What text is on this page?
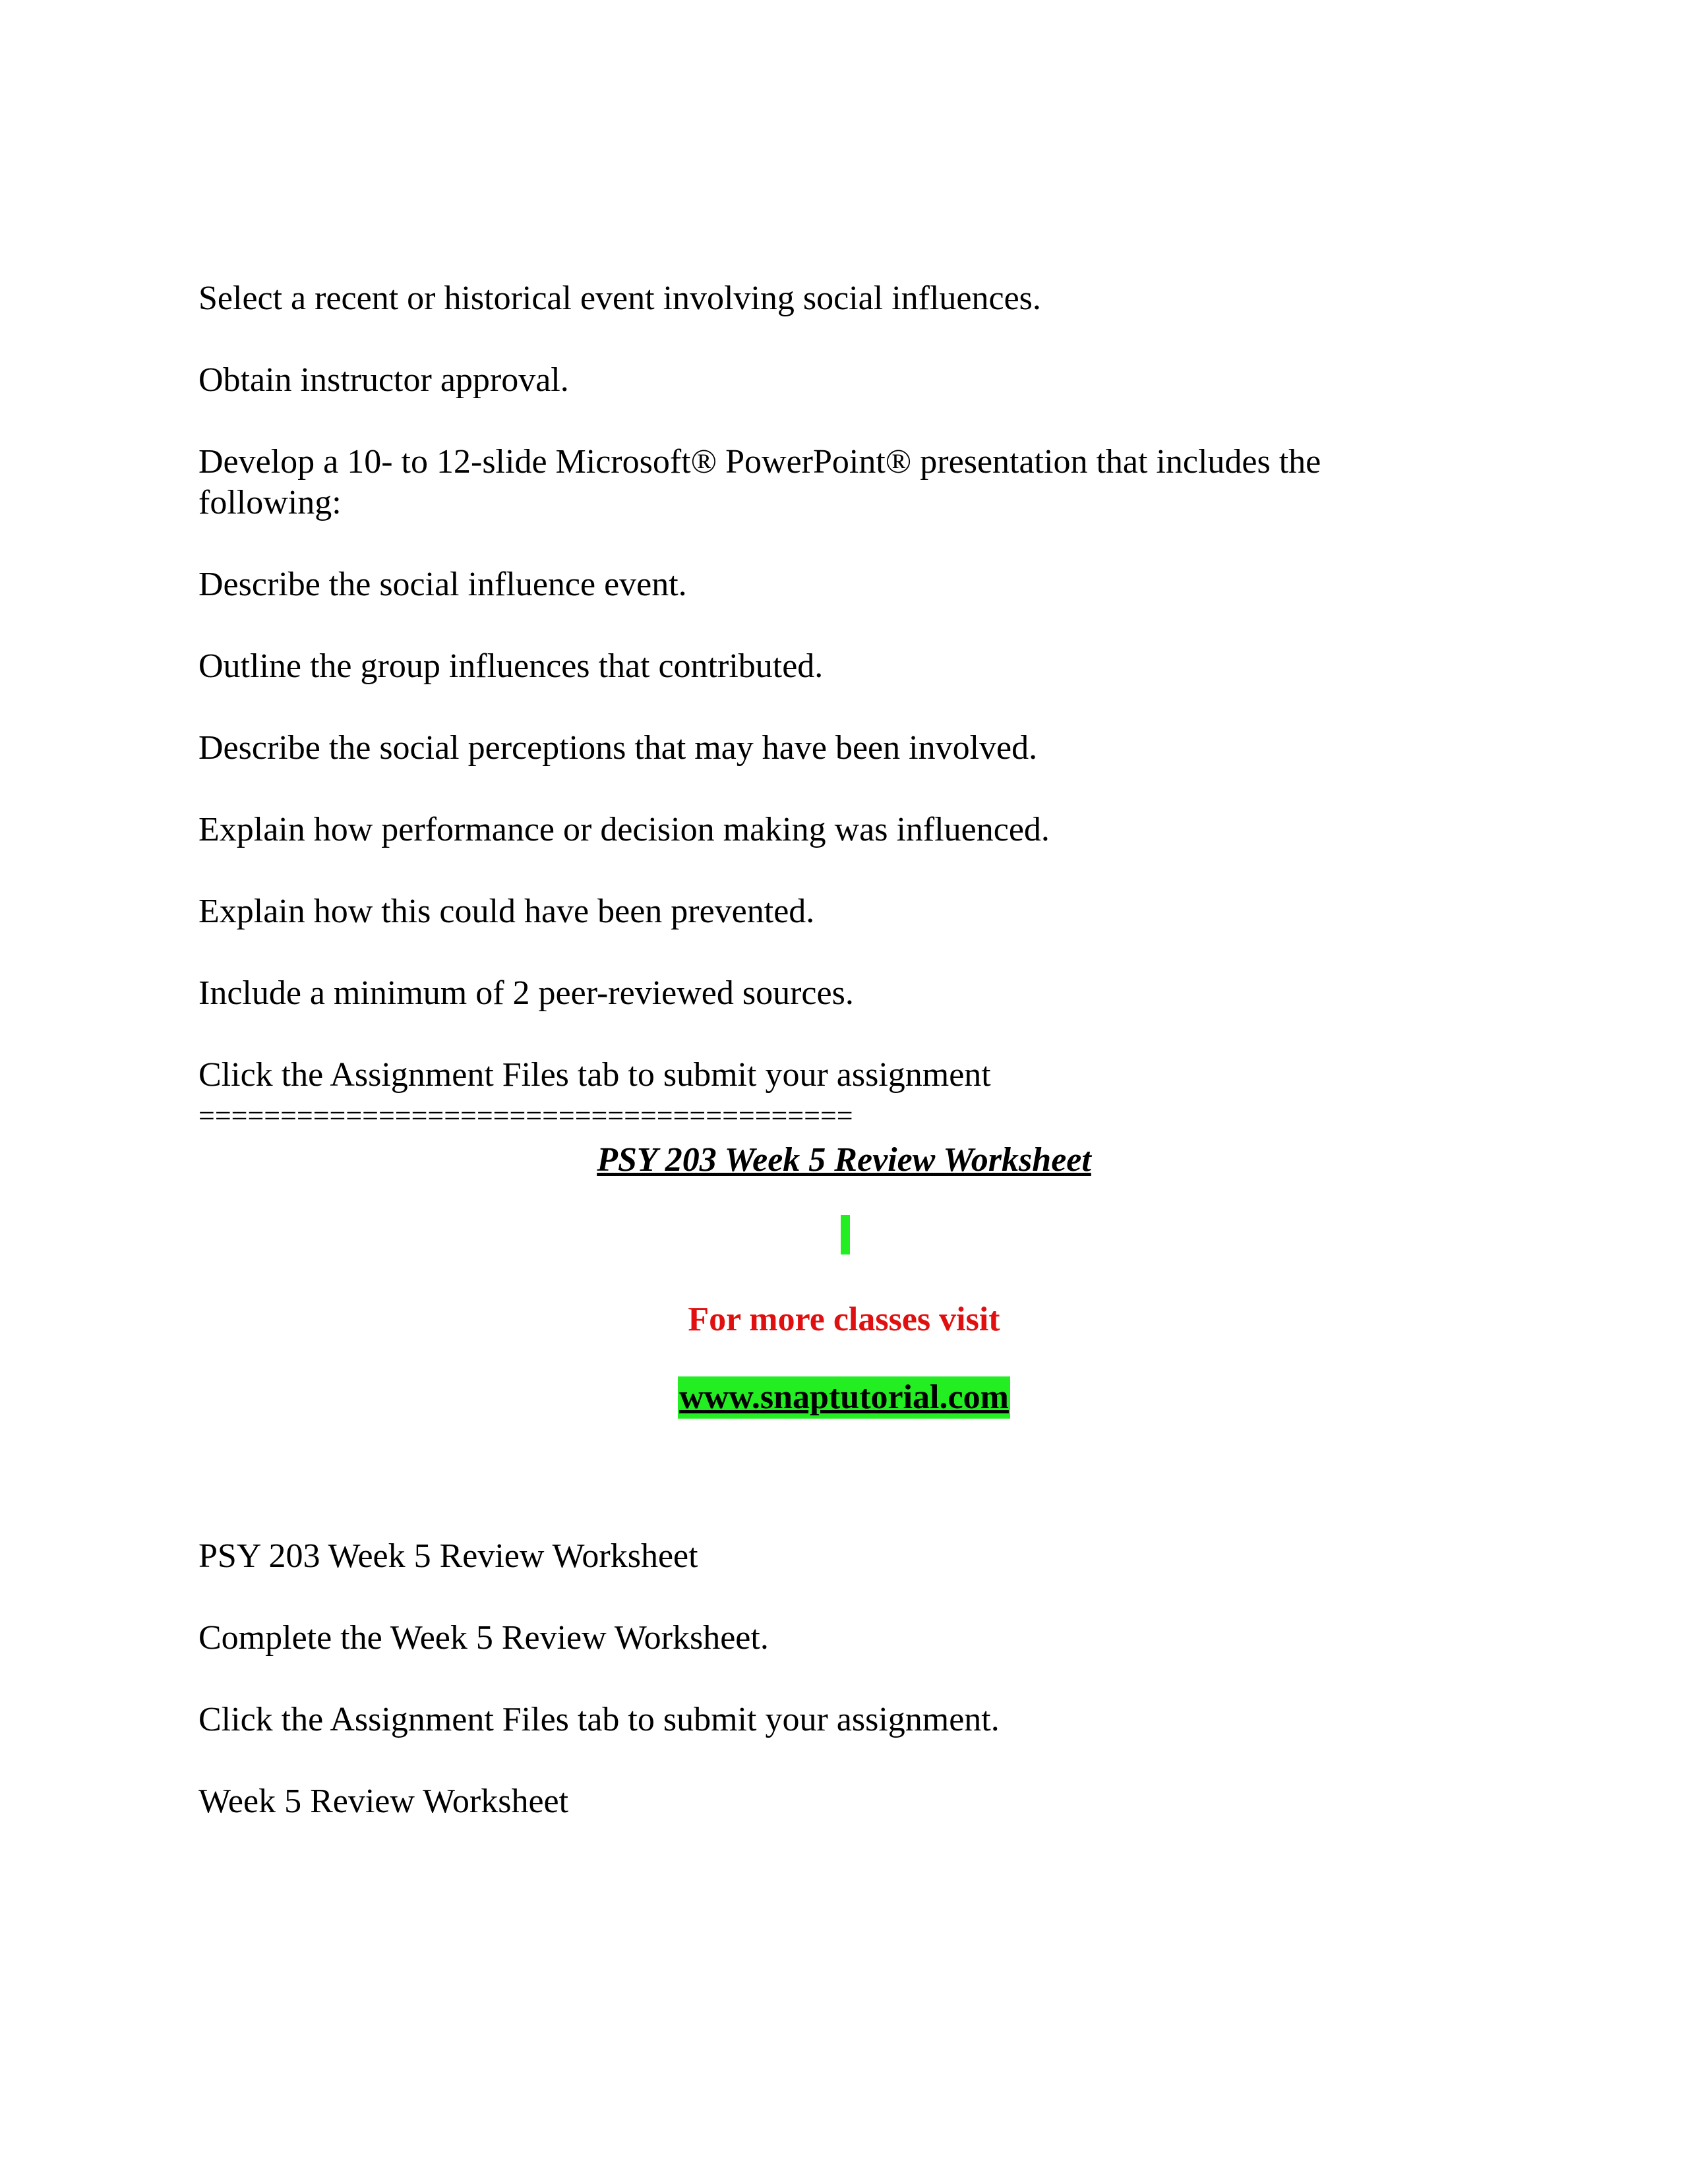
Select a recent or historical event involving social influences.

Obtain instructor approval.

Develop a 10- to 12-slide Microsoft® PowerPoint® presentation that includes the following:

Describe the social influence event.

Outline the group influences that contributed.

Describe the social perceptions that may have been involved.

Explain how performance or decision making was influenced.

Explain how this could have been prevented.

Include a minimum of 2 peer-reviewed sources.

Click the Assignment Files tab to submit your assignment

========================================

PSY 203 Week 5 Review Worksheet

For more classes visit

www.snaptutorial.com

PSY 203 Week 5 Review Worksheet

Complete the Week 5 Review Worksheet.

Click the Assignment Files tab to submit your assignment.

Week 5 Review Worksheet
